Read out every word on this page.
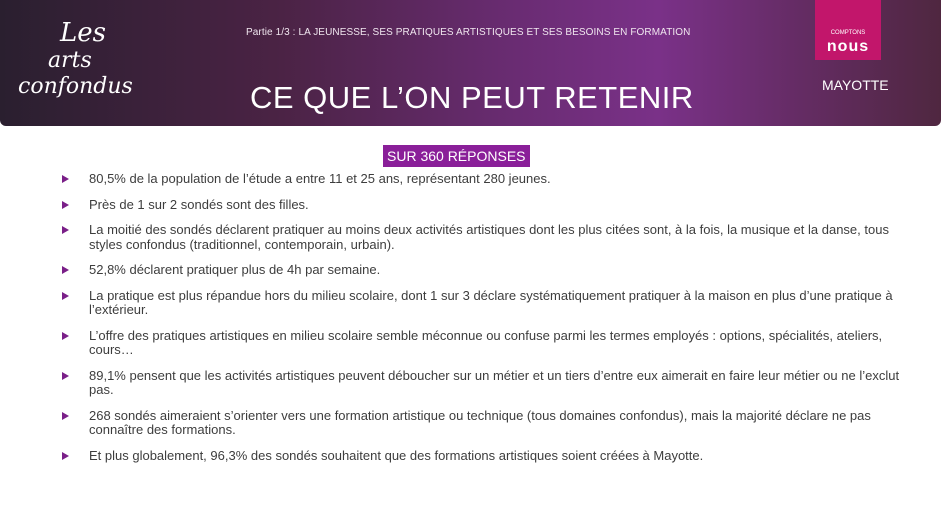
Les
arts
confondus
Partie 1/3 : LA JEUNESSE, SES PRATIQUES ARTISTIQUES ET SES BESOINS EN FORMATION
CE QUE L’ON PEUT RETENIR
COMPTONS
nous
MAYOTTE
SUR 360 RÉPONSES
80,5% de la population de l’étude a entre 11 et 25 ans, représentant 280 jeunes.
Près de 1 sur 2 sondés sont des filles.
La moitié des sondés déclarent pratiquer au moins deux activités artistiques dont les plus citées sont, à la fois, la musique et la danse, tous styles confondus (traditionnel, contemporain, urbain).
52,8% déclarent pratiquer plus de 4h par semaine.
La pratique est plus répandue hors du milieu scolaire, dont 1 sur 3 déclare systématiquement pratiquer à la maison en plus d’une pratique à l’extérieur.
L’offre des pratiques artistiques en milieu scolaire semble méconnue ou confuse parmi les termes employés : options, spécialités, ateliers, cours…
89,1% pensent que les activités artistiques peuvent déboucher sur un métier et un tiers d’entre eux aimerait en faire leur métier ou ne l’exclut pas.
268 sondés aimeraient s’orienter vers une formation artistique ou technique (tous domaines confondus), mais la majorité déclare ne pas connaître des formations.
Et plus globalement, 96,3% des sondés souhaitent que des formations artistiques soient créées à Mayotte.
